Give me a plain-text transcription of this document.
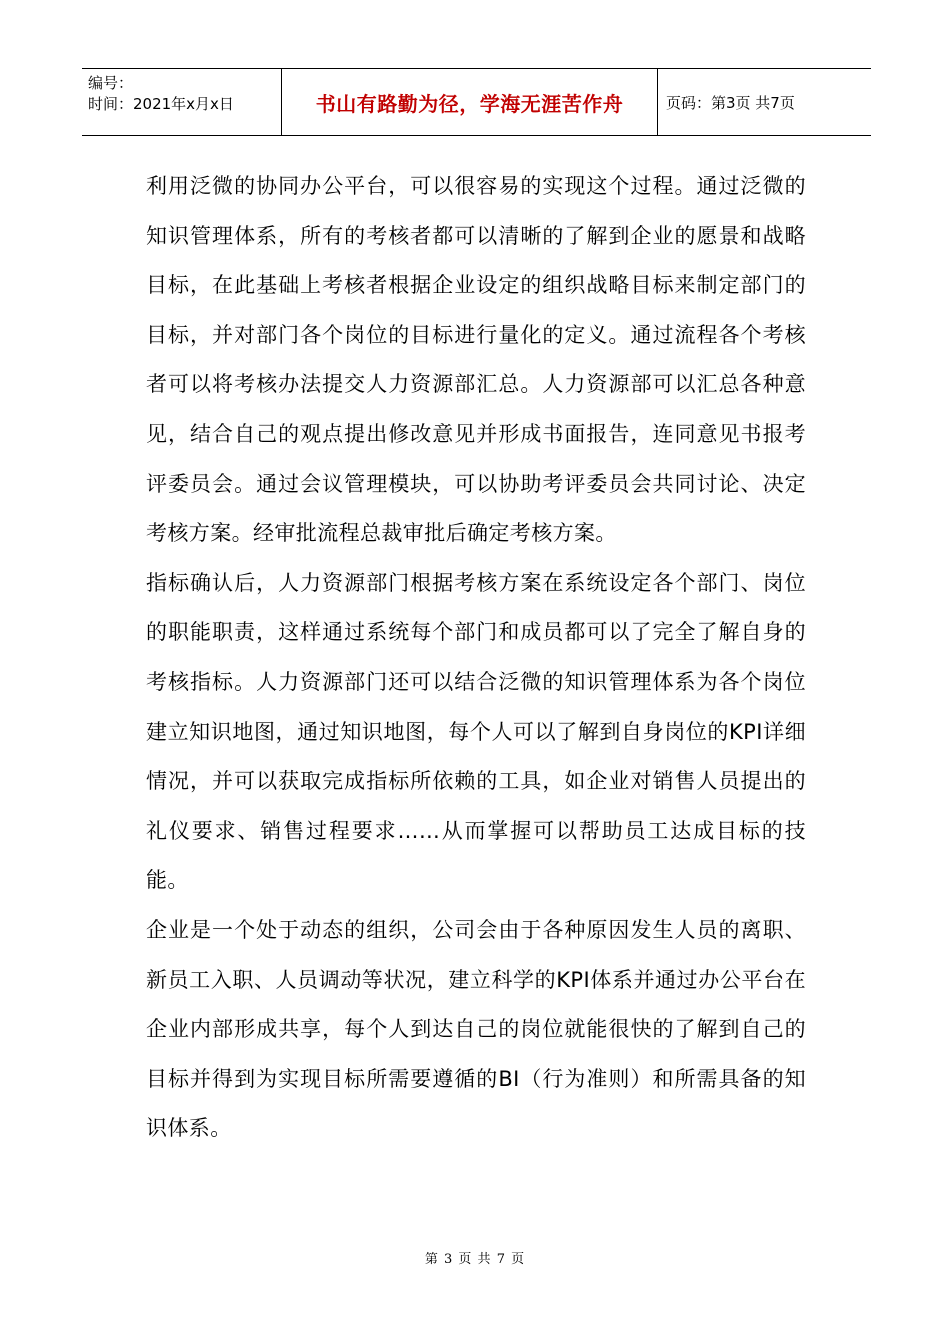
编号：
时间：2021年x月x日	书山有路勤为径，学海无涯苦作舟	页码：第3页 共7页

利用泛微的协同办公平台，可以很容易的实现这个过程。通过泛微的知识管理体系，所有的考核者都可以清晰的了解到企业的愿景和战略目标，在此基础上考核者根据企业设定的组织战略目标来制定部门的目标，并对部门各个岗位的目标进行量化的定义。通过流程各个考核者可以将考核办法提交人力资源部汇总。人力资源部可以汇总各种意见，结合自己的观点提出修改意见并形成书面报告，连同意见书报考评委员会。通过会议管理模块，可以协助考评委员会共同讨论、决定考核方案。经审批流程总裁审批后确定考核方案。

指标确认后，人力资源部门根据考核方案在系统设定各个部门、岗位的职能职责，这样通过系统每个部门和成员都可以了完全了解自身的考核指标。人力资源部门还可以结合泛微的知识管理体系为各个岗位建立知识地图，通过知识地图，每个人可以了解到自身岗位的KPI详细情况，并可以获取完成指标所依赖的工具，如企业对销售人员提出的礼仪要求、销售过程要求……从而掌握可以帮助员工达成目标的技能。

企业是一个处于动态的组织，公司会由于各种原因发生人员的离职、新员工入职、人员调动等状况，建立科学的KPI体系并通过办公平台在企业内部形成共享，每个人到达自己的岗位就能很快的了解到自己的目标并得到为实现目标所需要遵循的BI（行为准则）和所需具备的知识体系。

第 3 页 共 7 页
